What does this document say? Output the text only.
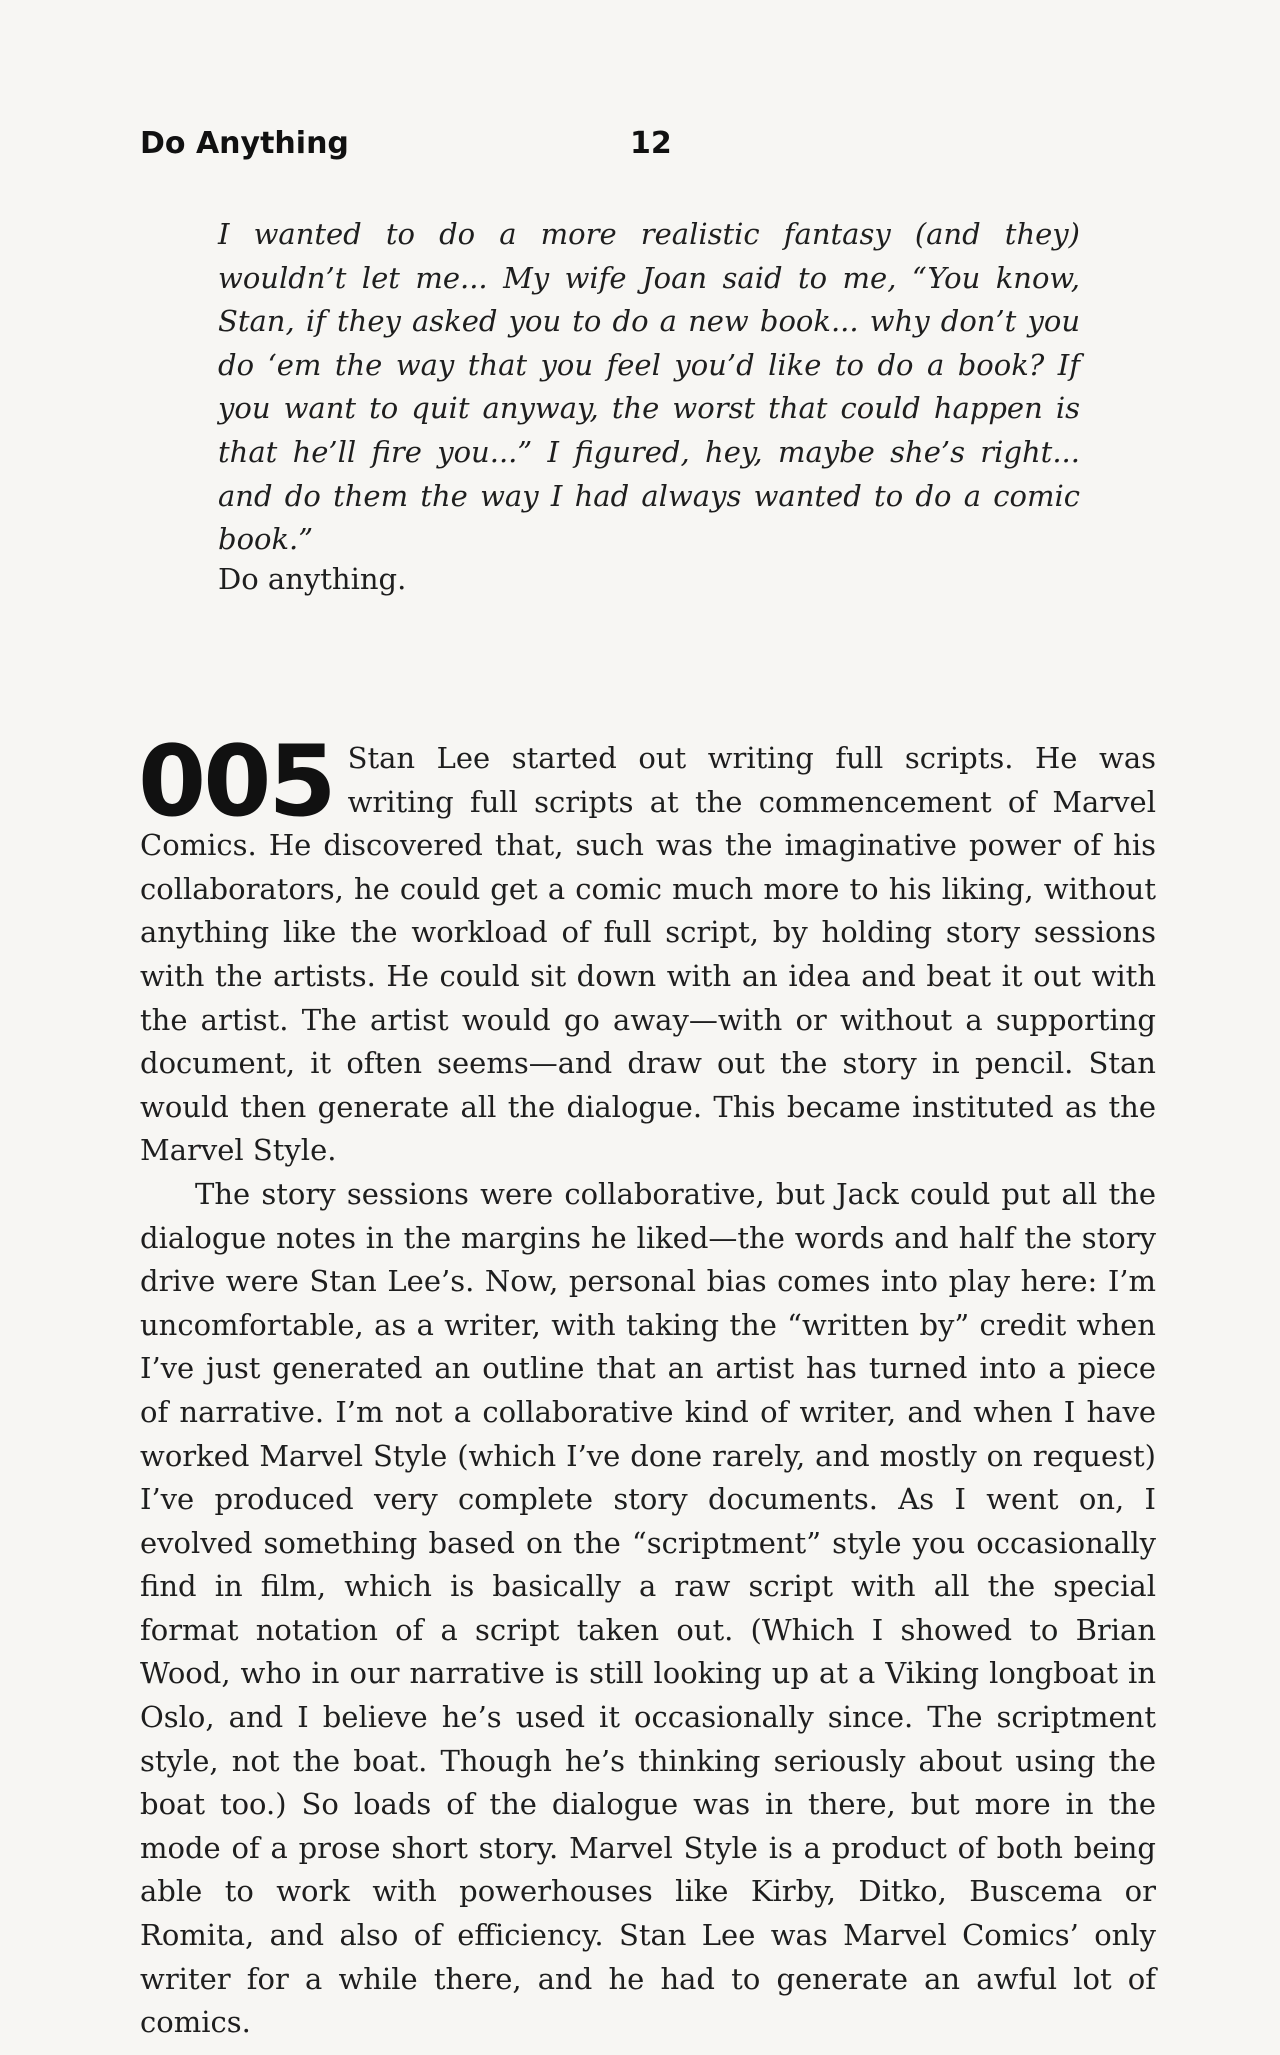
Do Anything	12

I wanted to do a more realistic fantasy (and they) wouldn’t let me... My wife Joan said to me, “You know, Stan, if they asked you to do a new book... why don’t you do ‘em the way that you feel you’d like to do a book? If you want to quit anyway, the worst that could happen is that he’ll fire you...” I figured, hey, maybe she’s right... and do them the way I had always wanted to do a comic book.”

Do anything.

005 Stan Lee started out writing full scripts. He was writing full scripts at the commencement of Marvel Comics. He discovered that, such was the imaginative power of his collaborators, he could get a comic much more to his liking, without anything like the workload of full script, by holding story sessions with the artists. He could sit down with an idea and beat it out with the artist. The artist would go away—with or without a supporting document, it often seems—and draw out the story in pencil. Stan would then generate all the dialogue. This became instituted as the Marvel Style.

The story sessions were collaborative, but Jack could put all the dialogue notes in the margins he liked—the words and half the story drive were Stan Lee’s. Now, personal bias comes into play here: I’m uncomfortable, as a writer, with taking the “written by” credit when I’ve just generated an outline that an artist has turned into a piece of narrative. I’m not a collaborative kind of writer, and when I have worked Marvel Style (which I’ve done rarely, and mostly on request) I’ve produced very complete story documents. As I went on, I evolved something based on the “scriptment” style you occasionally find in film, which is basically a raw script with all the special format notation of a script taken out. (Which I showed to Brian Wood, who in our narrative is still looking up at a Viking longboat in Oslo, and I believe he’s used it occasionally since. The scriptment style, not the boat. Though he’s thinking seriously about using the boat too.) So loads of the dialogue was in there, but more in the mode of a prose short story. Marvel Style is a product of both being able to work with powerhouses like Kirby, Ditko, Buscema or Romita, and also of efficiency. Stan Lee was Marvel Comics’ only writer for a while there, and he had to generate an awful lot of comics.
